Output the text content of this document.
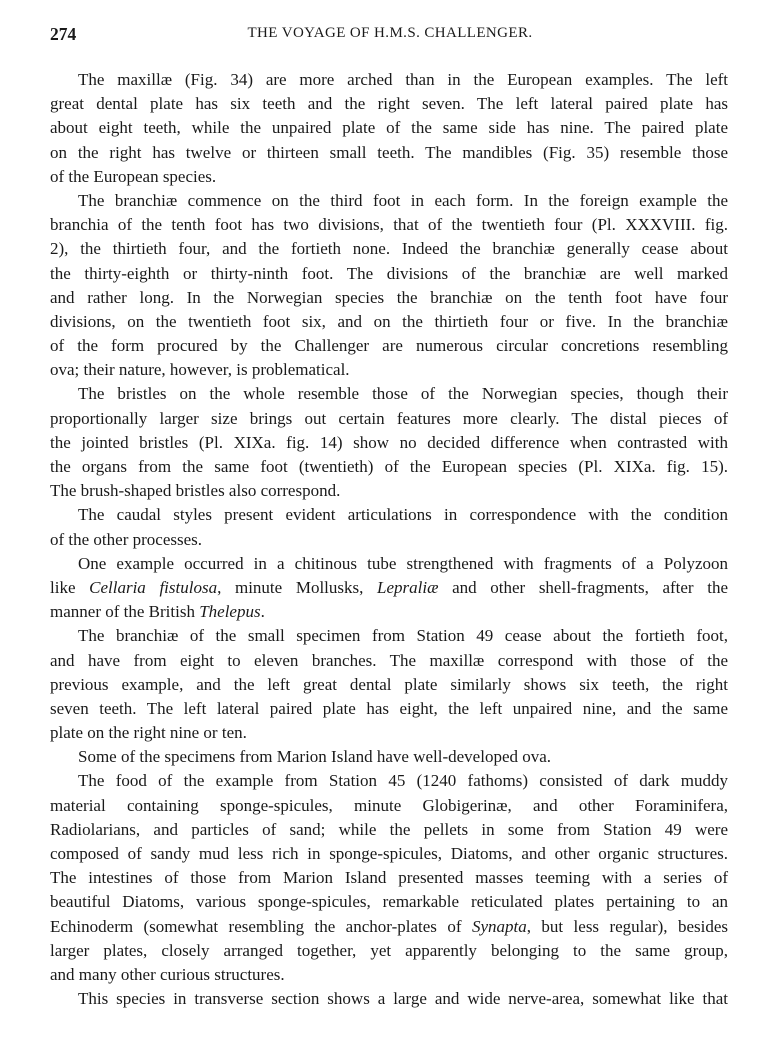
274	THE VOYAGE OF H.M.S. CHALLENGER.
The maxillæ (Fig. 34) are more arched than in the European examples. The left
great dental plate has six teeth and the right seven. The left lateral paired plate has
about eight teeth, while the unpaired plate of the same side has nine. The paired plate
on the right has twelve or thirteen small teeth. The mandibles (Fig. 35) resemble those
of the European species.
The branchiæ commence on the third foot in each form. In the foreign example the
branchia of the tenth foot has two divisions, that of the twentieth four (Pl. XXXVIII. fig.
2), the thirtieth four, and the fortieth none. Indeed the branchiæ generally cease about
the thirty-eighth or thirty-ninth foot. The divisions of the branchiæ are well marked
and rather long. In the Norwegian species the branchiæ on the tenth foot have four
divisions, on the twentieth foot six, and on the thirtieth four or five. In the branchiæ
of the form procured by the Challenger are numerous circular concretions resembling
ova; their nature, however, is problematical.
The bristles on the whole resemble those of the Norwegian species, though their
proportionally larger size brings out certain features more clearly. The distal pieces of
the jointed bristles (Pl. XIXa. fig. 14) show no decided difference when contrasted with
the organs from the same foot (twentieth) of the European species (Pl. XIXa. fig. 15).
The brush-shaped bristles also correspond.
The caudal styles present evident articulations in correspondence with the condition
of the other processes.
One example occurred in a chitinous tube strengthened with fragments of a Polyzoon
like Cellaria fistulosa, minute Mollusks, Lepraliæ and other shell-fragments, after the
manner of the British Thelepus.
The branchiæ of the small specimen from Station 49 cease about the fortieth foot,
and have from eight to eleven branches. The maxillæ correspond with those of the
previous example, and the left great dental plate similarly shows six teeth, the right
seven teeth. The left lateral paired plate has eight, the left unpaired nine, and the same
plate on the right nine or ten.
Some of the specimens from Marion Island have well-developed ova.
The food of the example from Station 45 (1240 fathoms) consisted of dark muddy
material containing sponge-spicules, minute Globigerinæ, and other Foraminifera,
Radiolarians, and particles of sand; while the pellets in some from Station 49 were
composed of sandy mud less rich in sponge-spicules, Diatoms, and other organic structures.
The intestines of those from Marion Island presented masses teeming with a series of
beautiful Diatoms, various sponge-spicules, remarkable reticulated plates pertaining to an
Echinoderm (somewhat resembling the anchor-plates of Synapta, but less regular), besides
larger plates, closely arranged together, yet apparently belonging to the same group,
and many other curious structures.
This species in transverse section shows a large and wide nerve-area, somewhat like that
